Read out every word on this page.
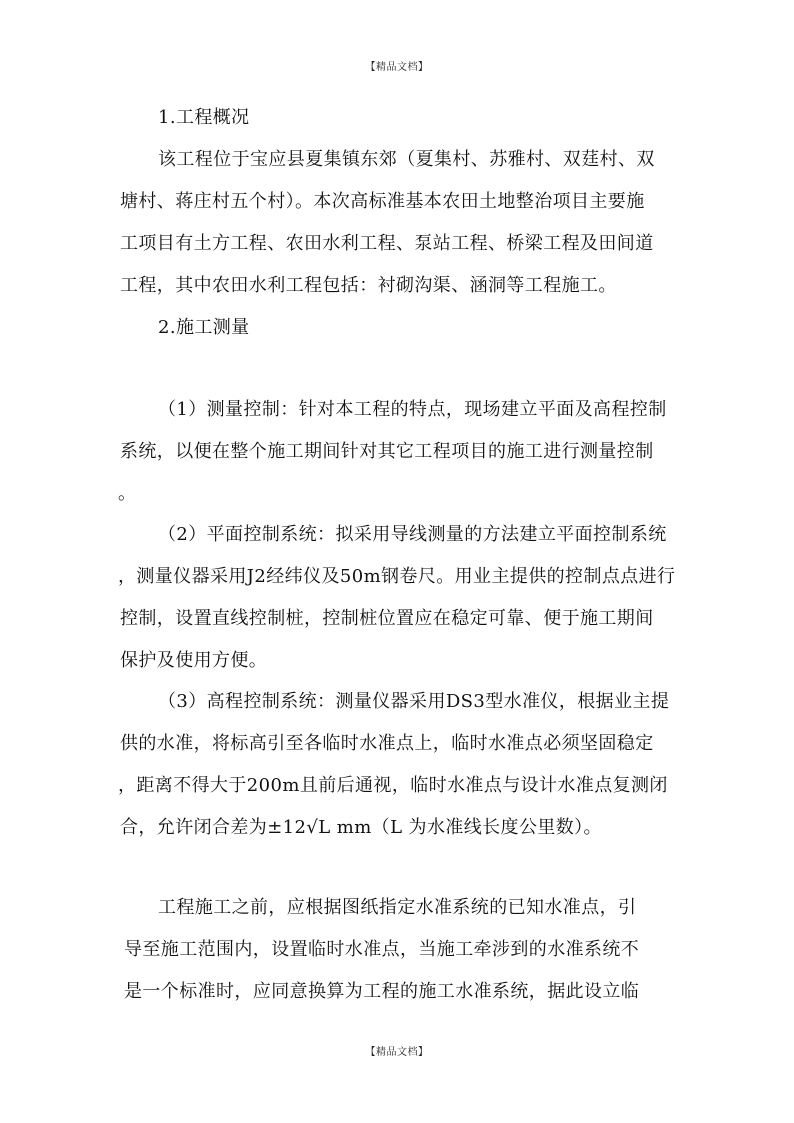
【精品文档】
1.工程概况
该工程位于宝应县夏集镇东郊（夏集村、苏雅村、双莛村、双
塘村、蒋庄村五个村）。本次高标准基本农田土地整治项目主要施
工项目有土方工程、农田水利工程、泵站工程、桥梁工程及田间道
工程，其中农田水利工程包括：衬砌沟渠、涵洞等工程施工。
2.施工测量
（1）测量控制：针对本工程的特点，现场建立平面及高程控制
系统，以便在整个施工期间针对其它工程项目的施工进行测量控制
。
（2）平面控制系统：拟采用导线测量的方法建立平面控制系统
，测量仪器采用J2经纬仪及50m钢卷尺。用业主提供的控制点点进行
控制，设置直线控制桩，控制桩位置应在稳定可靠、便于施工期间
保护及使用方便。
（3）高程控制系统：测量仪器采用DS3型水准仪，根据业主提
供的水准，将标高引至各临时水准点上，临时水准点必须坚固稳定
，距离不得大于200m且前后通视，临时水准点与设计水准点复测闭
合，允许闭合差为±12√L mm（L 为水准线长度公里数）。
工程施工之前，应根据图纸指定水准系统的已知水准点，引
导至施工范围内，设置临时水准点，当施工牵涉到的水准系统不
是一个标准时，应同意换算为工程的施工水准系统，据此设立临
【精品文档】
